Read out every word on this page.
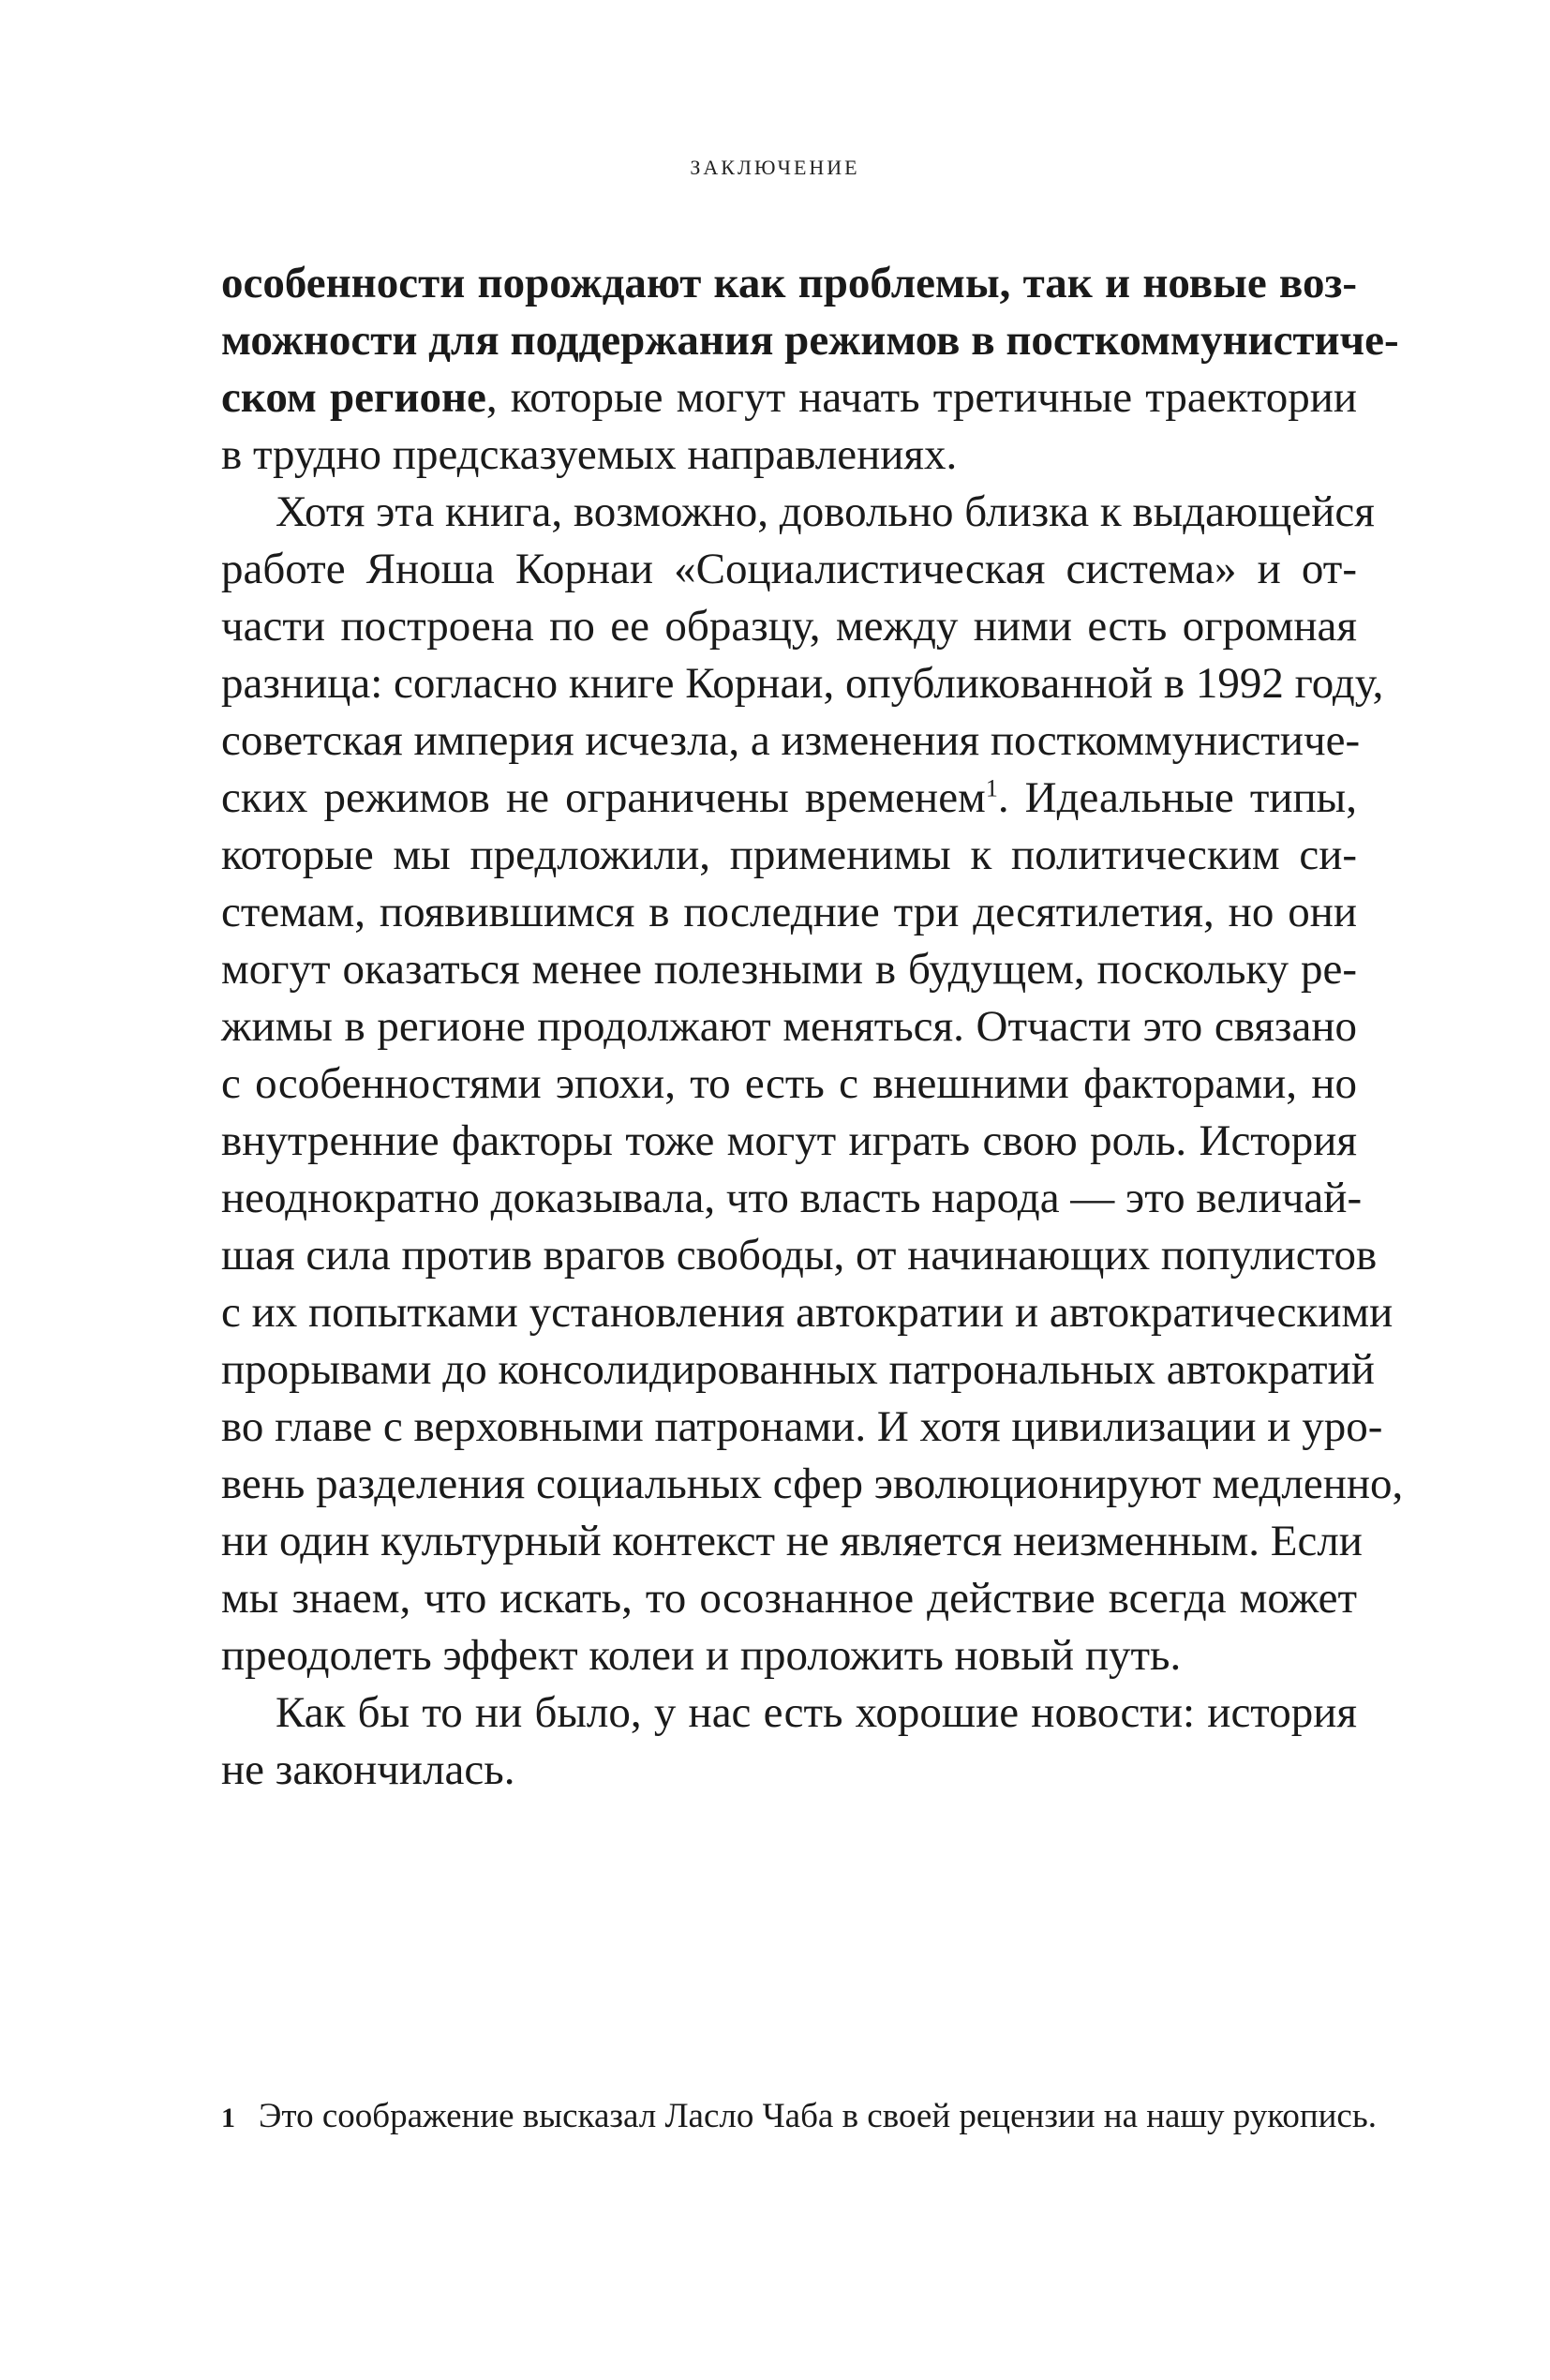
ЗАКЛЮЧЕНИЕ
особенности порождают как проблемы, так и новые воз-
можности для поддержания режимов в посткоммунистиче-
ском регионе, которые могут начать третичные траектории
в трудно предсказуемых направлениях.
Хотя эта книга, возможно, довольно близка к выдающейся
работе Яноша Корнаи «Социалистическая система» и от-
части построена по ее образцу, между ними есть огромная
разница: согласно книге Корнаи, опубликованной в 1992 году,
советская империя исчезла, а изменения посткоммунистиче-
ских режимов не ограничены временем$^1$. Идеальные типы,
которые мы предложили, применимы к политическим си-
стемам, появившимся в последние три десятилетия, но они
могут оказаться менее полезными в будущем, поскольку ре-
жимы в регионе продолжают меняться. Отчасти это связано
с особенностями эпохи, то есть с внешними факторами, но
внутренние факторы тоже могут играть свою роль. История
неоднократно доказывала, что власть народа — это величай-
шая сила против врагов свободы, от начинающих популистов
с их попытками установления автократии и автократическими
прорывами до консолидированных патрональных автократий
во главе с верховными патронами. И хотя цивилизации и уро-
вень разделения социальных сфер эволюционируют медленно,
ни один культурный контекст не является неизменным. Если
мы знаем, что искать, то осознанное действие всегда может
преодолеть эффект колеи и проложить новый путь.
Как бы то ни было, у нас есть хорошие новости: история
не закончилась.
1 Это соображение высказал Ласло Чаба в своей рецензии на нашу рукопись.
